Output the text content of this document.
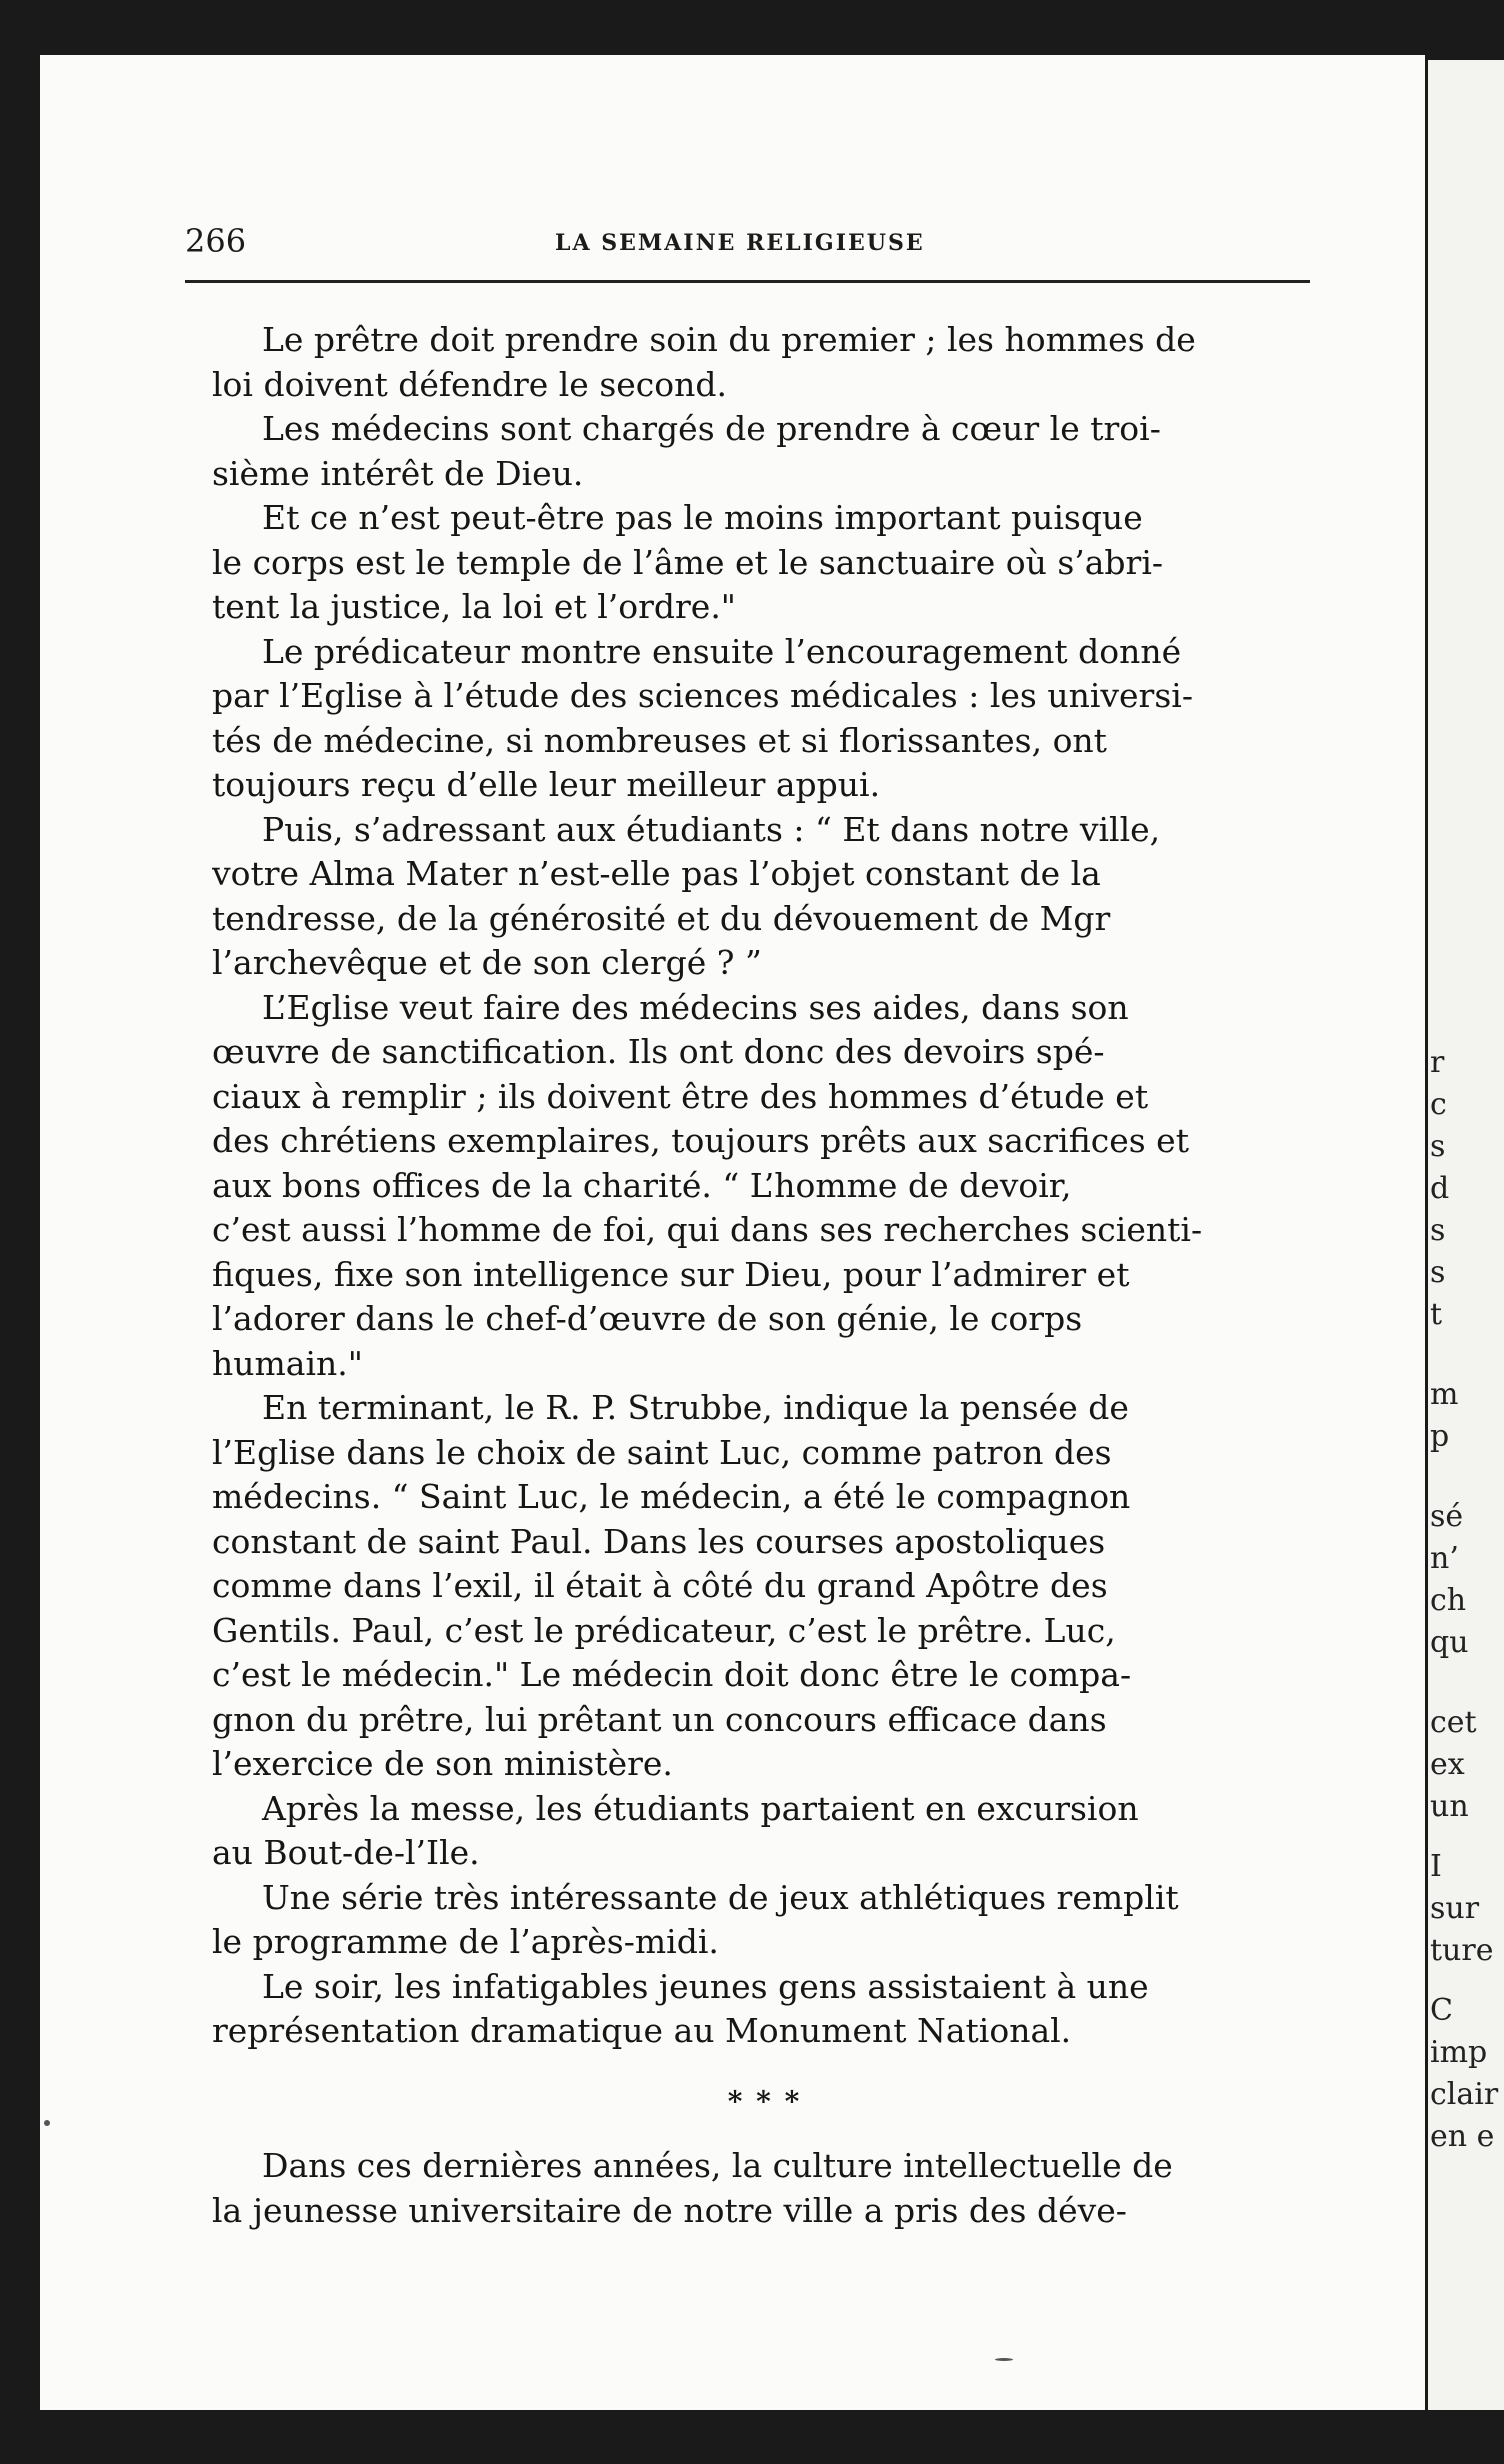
r
c
s
d
s
s
t
m
p
sé
n’
ch
qu
cet
ex
un
I
sur
ture
C
imp
clair
en e
266	LA SEMAINE RELIGIEUSE
Le prêtre doit prendre soin du premier ; les hommes de
loi doivent défendre le second.
Les médecins sont chargés de prendre à cœur le troi-
sième intérêt de Dieu.
Et ce n’est peut-être pas le moins important puisque
le corps est le temple de l’âme et le sanctuaire où s’abri-
tent la justice, la loi et l’ordre."
Le prédicateur montre ensuite l’encouragement donné
par l’Eglise à l’étude des sciences médicales : les universi-
tés de médecine, si nombreuses et si florissantes, ont
toujours reçu d’elle leur meilleur appui.
Puis, s’adressant aux étudiants : “ Et dans notre ville,
votre Alma Mater n’est-elle pas l’objet constant de la
tendresse, de la générosité et du dévouement de Mgr
l’archevêque et de son clergé ? ”
L’Eglise veut faire des médecins ses aides, dans son
œuvre de sanctification. Ils ont donc des devoirs spé-
ciaux à remplir ; ils doivent être des hommes d’étude et
des chrétiens exemplaires, toujours prêts aux sacrifices et
aux bons offices de la charité. “ L’homme de devoir,
c’est aussi l’homme de foi, qui dans ses recherches scienti-
fiques, fixe son intelligence sur Dieu, pour l’admirer et
l’adorer dans le chef-d’œuvre de son génie, le corps
humain."
En terminant, le R. P. Strubbe, indique la pensée de
l’Eglise dans le choix de saint Luc, comme patron des
médecins. “ Saint Luc, le médecin, a été le compagnon
constant de saint Paul. Dans les courses apostoliques
comme dans l’exil, il était à côté du grand Apôtre des
Gentils. Paul, c’est le prédicateur, c’est le prêtre. Luc,
c’est le médecin." Le médecin doit donc être le compa-
gnon du prêtre, lui prêtant un concours efficace dans
l’exercice de son ministère.
Après la messe, les étudiants partaient en excursion
au Bout-de-l’Ile.
Une série très intéressante de jeux athlétiques remplit
le programme de l’après-midi.
Le soir, les infatigables jeunes gens assistaient à une
représentation dramatique au Monument National.
* * *
Dans ces dernières années, la culture intellectuelle de
la jeunesse universitaire de notre ville a pris des déve-
